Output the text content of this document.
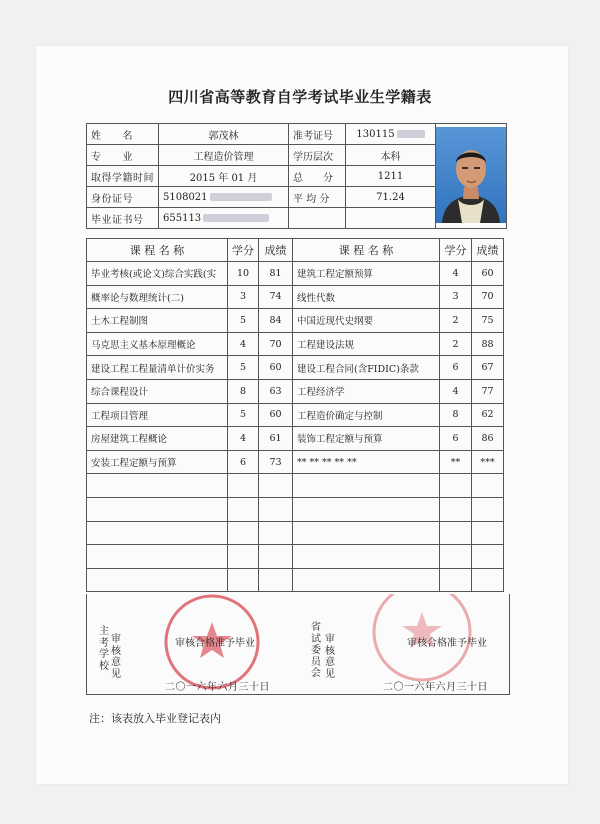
四川省高等教育自学考试毕业生学籍表
姓　　名	郭茂林	准考证号	130115	
专　　业	工程造价管理	学历层次	本科	
取得学籍时间	2015 年 01 月	总　　分	1211	
身份证号	5108021	平 均 分	71.24	
毕业证书号	655113			
课 程 名 称	学分	成绩	课 程 名 称	学分	成绩
毕业考核(或论文)综合实践(实	10	81	建筑工程定额预算	4	60
概率论与数理统计(二)	3	74	线性代数	3	70
土木工程制图	5	84	中国近现代史纲要	2	75
马克思主义基本原理概论	4	70	工程建设法规	2	88
建设工程工程量清单计价实务	5	60	建设工程合同(含FIDIC)条款	6	67
综合课程设计	8	63	工程经济学	4	77
工程项目管理	5	60	工程造价确定与控制	8	62
房屋建筑工程概论	4	61	装饰工程定额与预算	6	86
安装工程定额与预算	6	73	** ** ** ** **	**	***

主考学校
审核意见
审核合格准予毕业
二〇一六年六月三十日
省试委员会
审核意见
审核合格准予毕业
二〇一六年六月三十日
注：该表放入毕业登记表内
